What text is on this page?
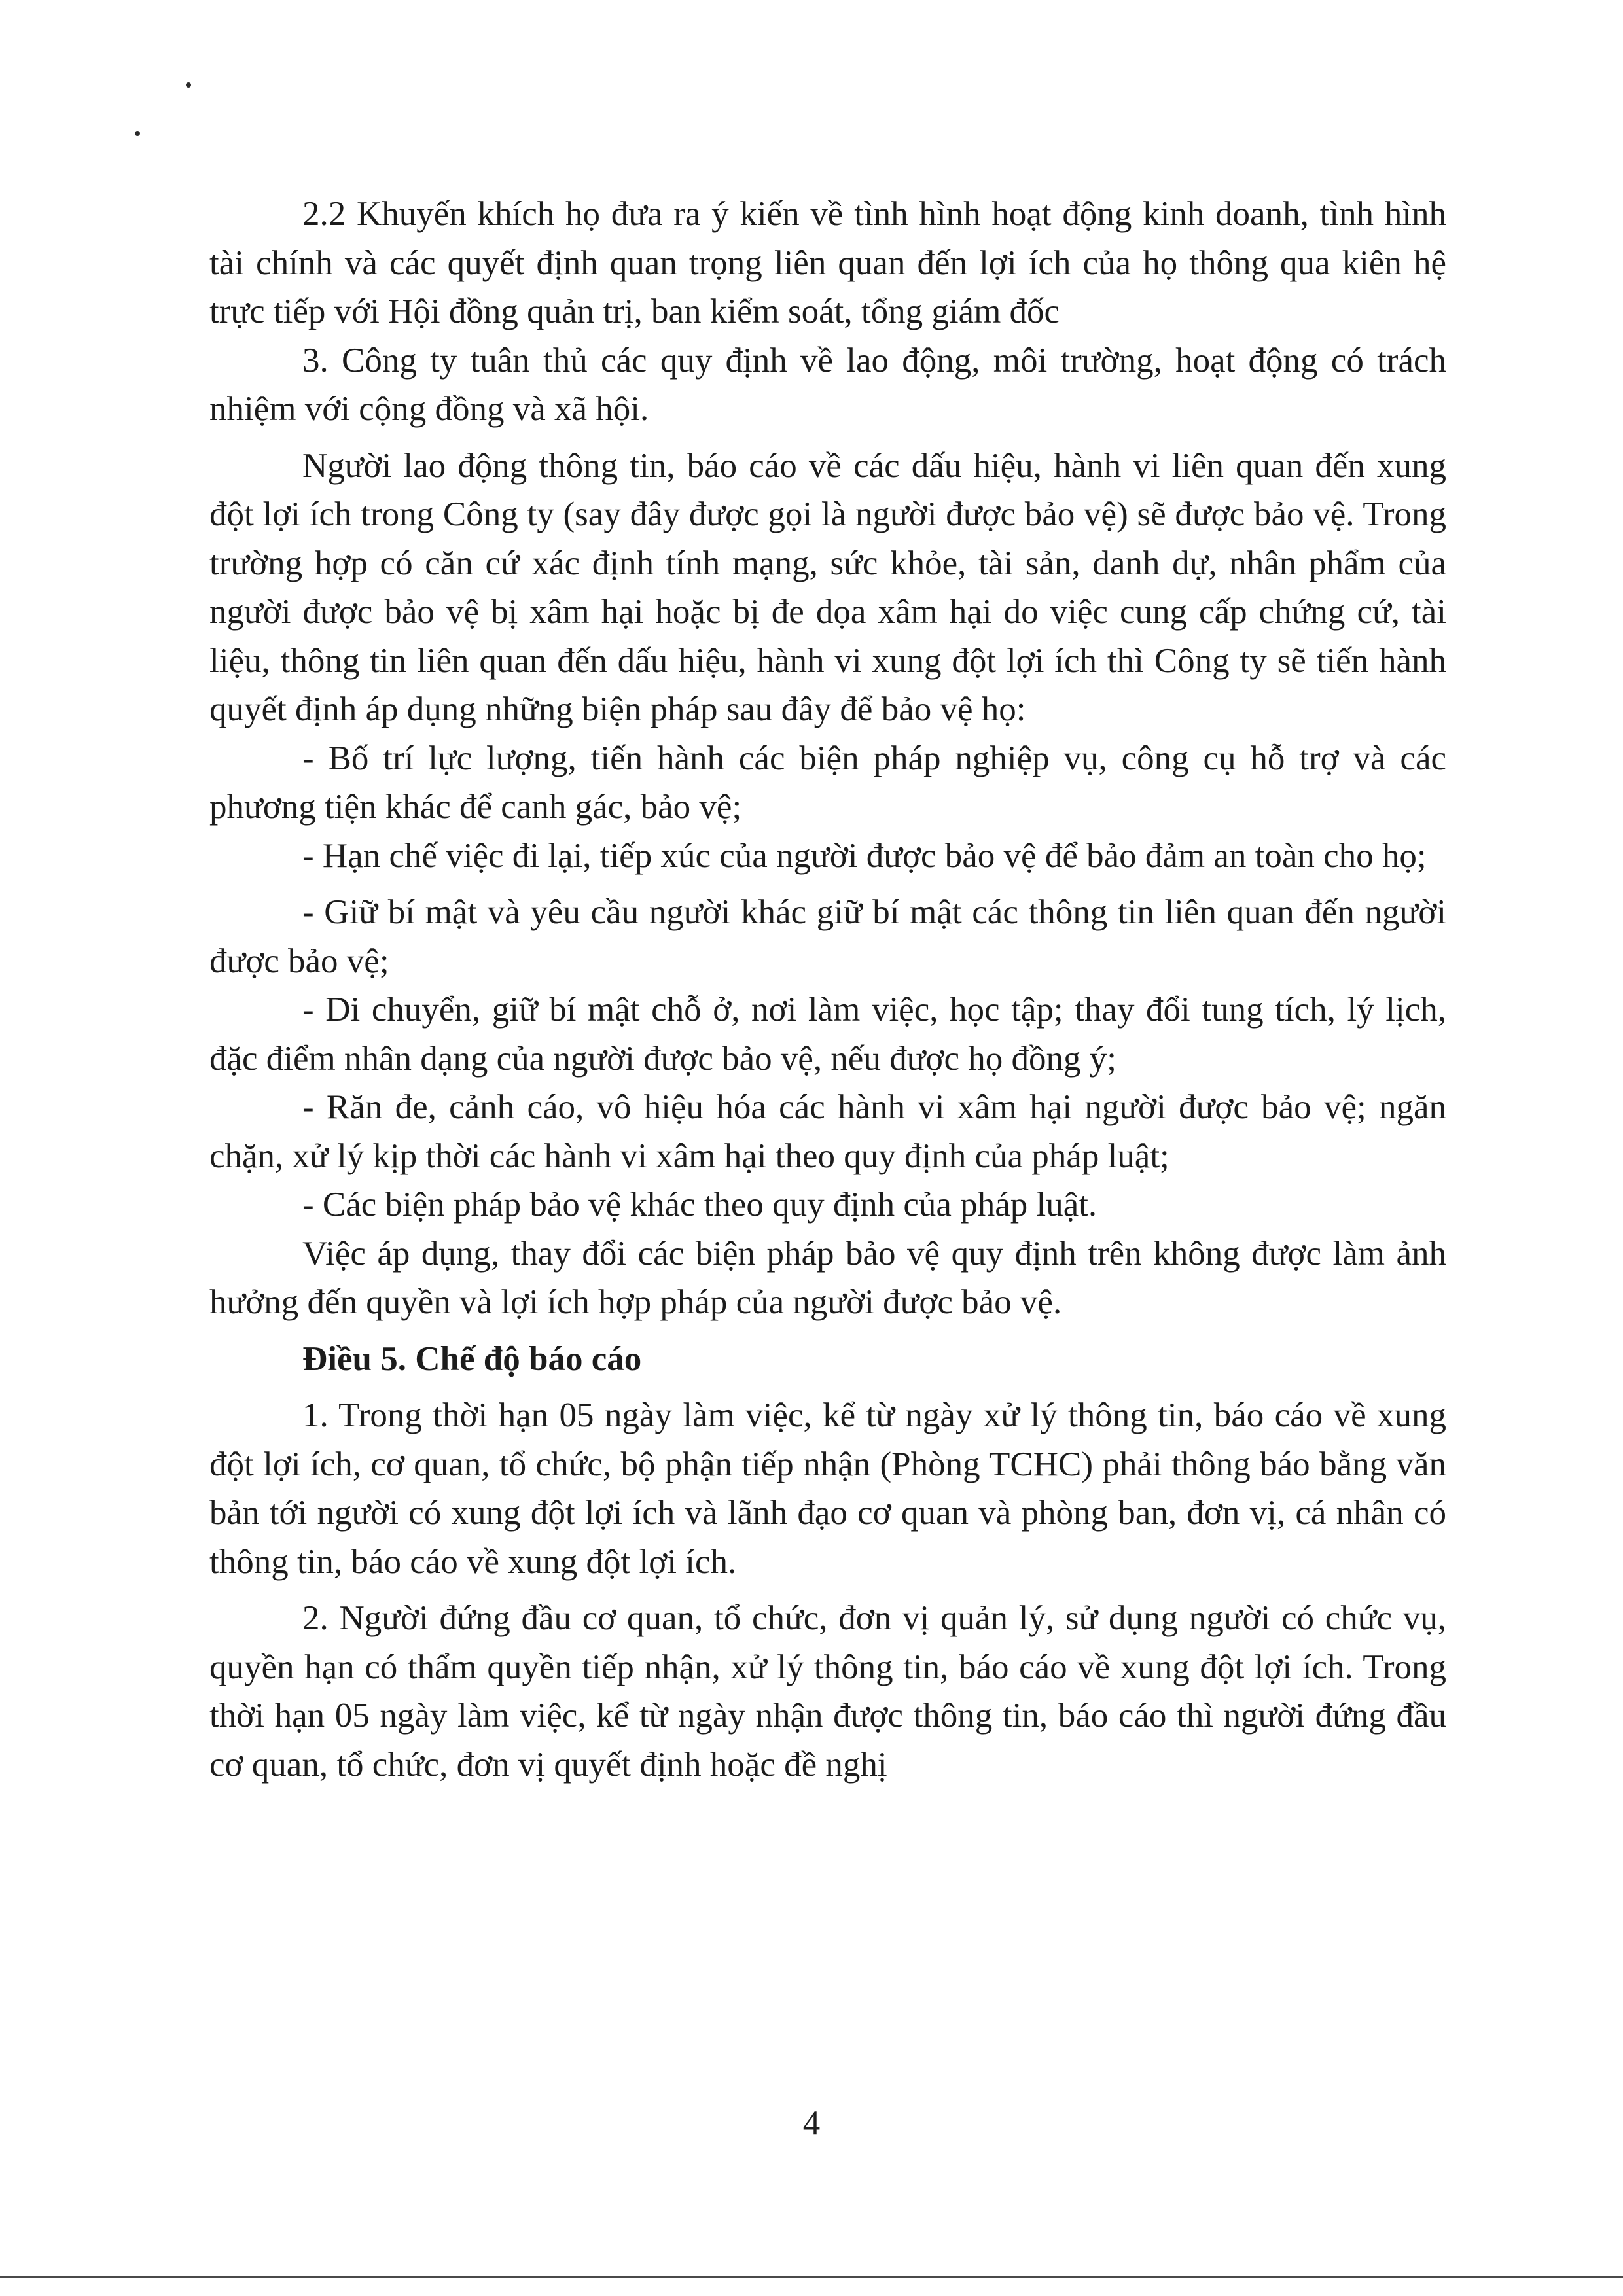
2.2 Khuyến khích họ đưa ra ý kiến về tình hình hoạt động kinh doanh, tình hình tài chính và các quyết định quan trọng liên quan đến lợi ích của họ thông qua kiên hệ trực tiếp với Hội đồng quản trị, ban kiểm soát, tổng giám đốc

3. Công ty tuân thủ các quy định về lao động, môi trường, hoạt động có trách nhiệm với cộng đồng và xã hội.

Người lao động thông tin, báo cáo về các dấu hiệu, hành vi liên quan đến xung đột lợi ích trong Công ty (say đây được gọi là người được bảo vệ) sẽ được bảo vệ. Trong trường hợp có căn cứ xác định tính mạng, sức khỏe, tài sản, danh dự, nhân phẩm của người được bảo vệ bị xâm hại hoặc bị đe dọa xâm hại do việc cung cấp chứng cứ, tài liệu, thông tin liên quan đến dấu hiệu, hành vi xung đột lợi ích thì Công ty sẽ tiến hành quyết định áp dụng những biện pháp sau đây để bảo vệ họ:

- Bố trí lực lượng, tiến hành các biện pháp nghiệp vụ, công cụ hỗ trợ và các phương tiện khác để canh gác, bảo vệ;

- Hạn chế việc đi lại, tiếp xúc của người được bảo vệ để bảo đảm an toàn cho họ;

- Giữ bí mật và yêu cầu người khác giữ bí mật các thông tin liên quan đến người được bảo vệ;

- Di chuyển, giữ bí mật chỗ ở, nơi làm việc, học tập; thay đổi tung tích, lý lịch, đặc điểm nhân dạng của người được bảo vệ, nếu được họ đồng ý;

- Răn đe, cảnh cáo, vô hiệu hóa các hành vi xâm hại người được bảo vệ; ngăn chặn, xử lý kịp thời các hành vi xâm hại theo quy định của pháp luật;

- Các biện pháp bảo vệ khác theo quy định của pháp luật.

Việc áp dụng, thay đổi các biện pháp bảo vệ quy định trên không được làm ảnh hưởng đến quyền và lợi ích hợp pháp của người được bảo vệ.

Điều 5. Chế độ báo cáo

1. Trong thời hạn 05 ngày làm việc, kể từ ngày xử lý thông tin, báo cáo về xung đột lợi ích, cơ quan, tổ chức, bộ phận tiếp nhận (Phòng TCHC) phải thông báo bằng văn bản tới người có xung đột lợi ích và lãnh đạo cơ quan và phòng ban, đơn vị, cá nhân có thông tin, báo cáo về xung đột lợi ích.

2. Người đứng đầu cơ quan, tổ chức, đơn vị quản lý, sử dụng người có chức vụ, quyền hạn có thẩm quyền tiếp nhận, xử lý thông tin, báo cáo về xung đột lợi ích. Trong thời hạn 05 ngày làm việc, kể từ ngày nhận được thông tin, báo cáo thì người đứng đầu cơ quan, tổ chức, đơn vị quyết định hoặc đề nghị

4
